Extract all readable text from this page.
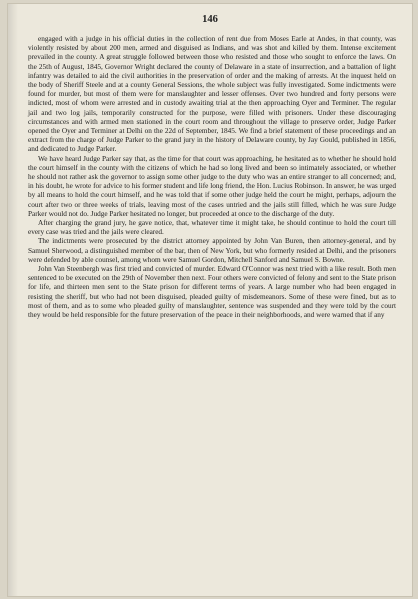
146

engaged with a judge in his official duties in the collection of rent due from Moses Earle at Andes, in that county, was violently resisted by about 200 men, armed and disguised as Indians, and was shot and killed by them. Intense excitement prevailed in the county. A great struggle followed between those who resisted and those who sought to enforce the laws. On the 25th of August, 1845, Governor Wright declared the county of Delaware in a state of insurrection, and a battalion of light infantry was detailed to aid the civil authorities in the preservation of order and the making of arrests. At the inquest held on the body of Sheriff Steele and at a county General Sessions, the whole subject was fully investigated. Some indictments were found for murder, but most of them were for manslaughter and lesser offenses. Over two hundred and forty persons were indicted, most of whom were arrested and in custody awaiting trial at the then approaching Oyer and Terminer. The regular jail and two log jails, temporarily constructed for the purpose, were filled with prisoners. Under these discouraging circumstances and with armed men stationed in the court room and throughout the village to preserve order, Judge Parker opened the Oyer and Terminer at Delhi on the 22d of September, 1845. We find a brief statement of these proceedings and an extract from the charge of Judge Parker to the grand jury in the history of Delaware county, by Jay Gould, published in 1856, and dedicated to Judge Parker.

We have heard Judge Parker say that, as the time for that court was approaching, he hesitated as to whether he should hold the court himself in the county with the citizens of which he had so long lived and been so intimately associated, or whether he should not rather ask the governor to assign some other judge to the duty who was an entire stranger to all concerned; and, in his doubt, he wrote for advice to his former student and life long friend, the Hon. Lucius Robinson. In answer, he was urged by all means to hold the court himself, and he was told that if some other judge held the court he might, perhaps, adjourn the court after two or three weeks of trials, leaving most of the cases untried and the jails still filled, which he was sure Judge Parker would not do. Judge Parker hesitated no longer, but proceeded at once to the discharge of the duty.

After charging the grand jury, he gave notice, that, whatever time it might take, he should continue to hold the court till every case was tried and the jails were cleared.

The indictments were prosecuted by the district attorney appointed by John Van Buren, then attorney-general, and by Samuel Sherwood, a distinguished member of the bar, then of New York, but who formerly resided at Delhi, and the prisoners were defended by able counsel, among whom were Samuel Gordon, Mitchell Sanford and Samuel S. Bowne.

John Van Steenbergh was first tried and convicted of murder. Edward O'Connor was next tried with a like result. Both men sentenced to be executed on the 29th of November then next. Four others were convicted of felony and sent to the State prison for life, and thirteen men sent to the State prison for different terms of years. A large number who had been engaged in resisting the sheriff, but who had not been disguised, pleaded guilty of misdemeanors. Some of these were fined, but as to most of them, and as to some who pleaded guilty of manslaughter, sentence was suspended and they were told by the court they would be held responsible for the future preservation of the peace in their neighborhoods, and were warned that if any
